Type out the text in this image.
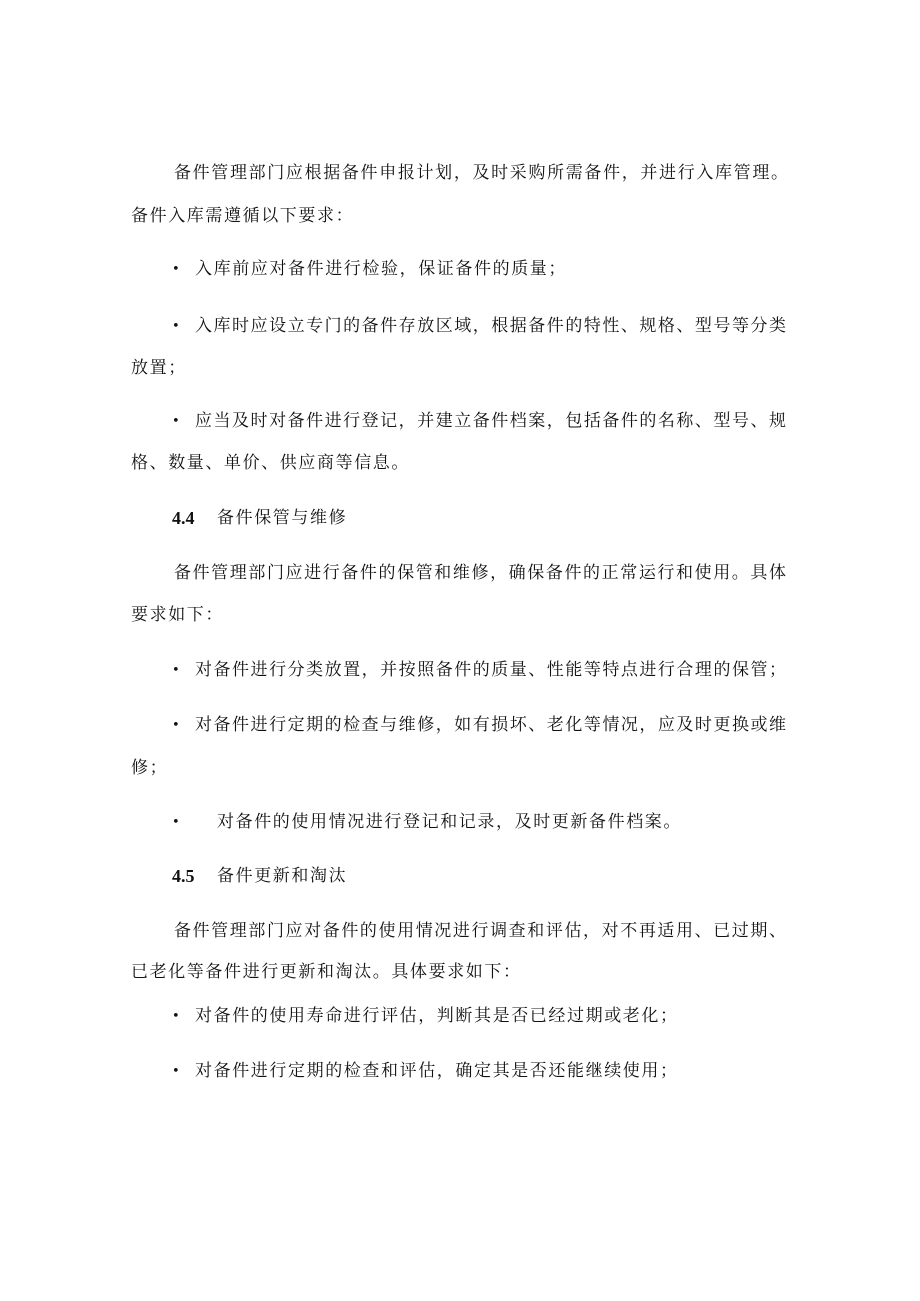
备件管理部门应根据备件申报计划，及时采购所需备件，并进行入库管理。
备件入库需遵循以下要求：
• 入库前应对备件进行检验，保证备件的质量；
• 入库时应设立专门的备件存放区域，根据备件的特性、规格、型号等分类
放置；
• 应当及时对备件进行登记，并建立备件档案，包括备件的名称、型号、规
格、数量、单价、供应商等信息。
4.4 备件保管与维修
备件管理部门应进行备件的保管和维修，确保备件的正常运行和使用。具体
要求如下：
• 对备件进行分类放置，并按照备件的质量、性能等特点进行合理的保管；
• 对备件进行定期的检查与维修，如有损坏、老化等情况，应及时更换或维
修；
• 对备件的使用情况进行登记和记录，及时更新备件档案。
4.5 备件更新和淘汰
备件管理部门应对备件的使用情况进行调查和评估，对不再适用、已过期、
已老化等备件进行更新和淘汰。具体要求如下：
• 对备件的使用寿命进行评估，判断其是否已经过期或老化；
• 对备件进行定期的检查和评估，确定其是否还能继续使用；
